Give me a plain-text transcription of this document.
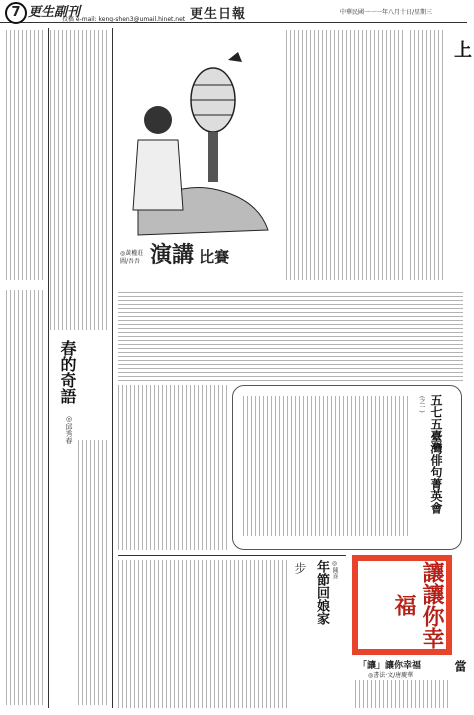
7 更生副刊
投稿 e-mail: keng-shen3@umail.hinet.net 更生日報	中華民國一一一年八月十日/星期三
春的奇語
◎邱秀春
演講 比賽
◎黃權莊 圖/吾吾
上
五七五臺灣俳句菁英會
(之一)
步 年節回娘家 ◎陳喜	讓讓你幸福
「讓」讓你幸福
◎書法·文/唐慶華
當
